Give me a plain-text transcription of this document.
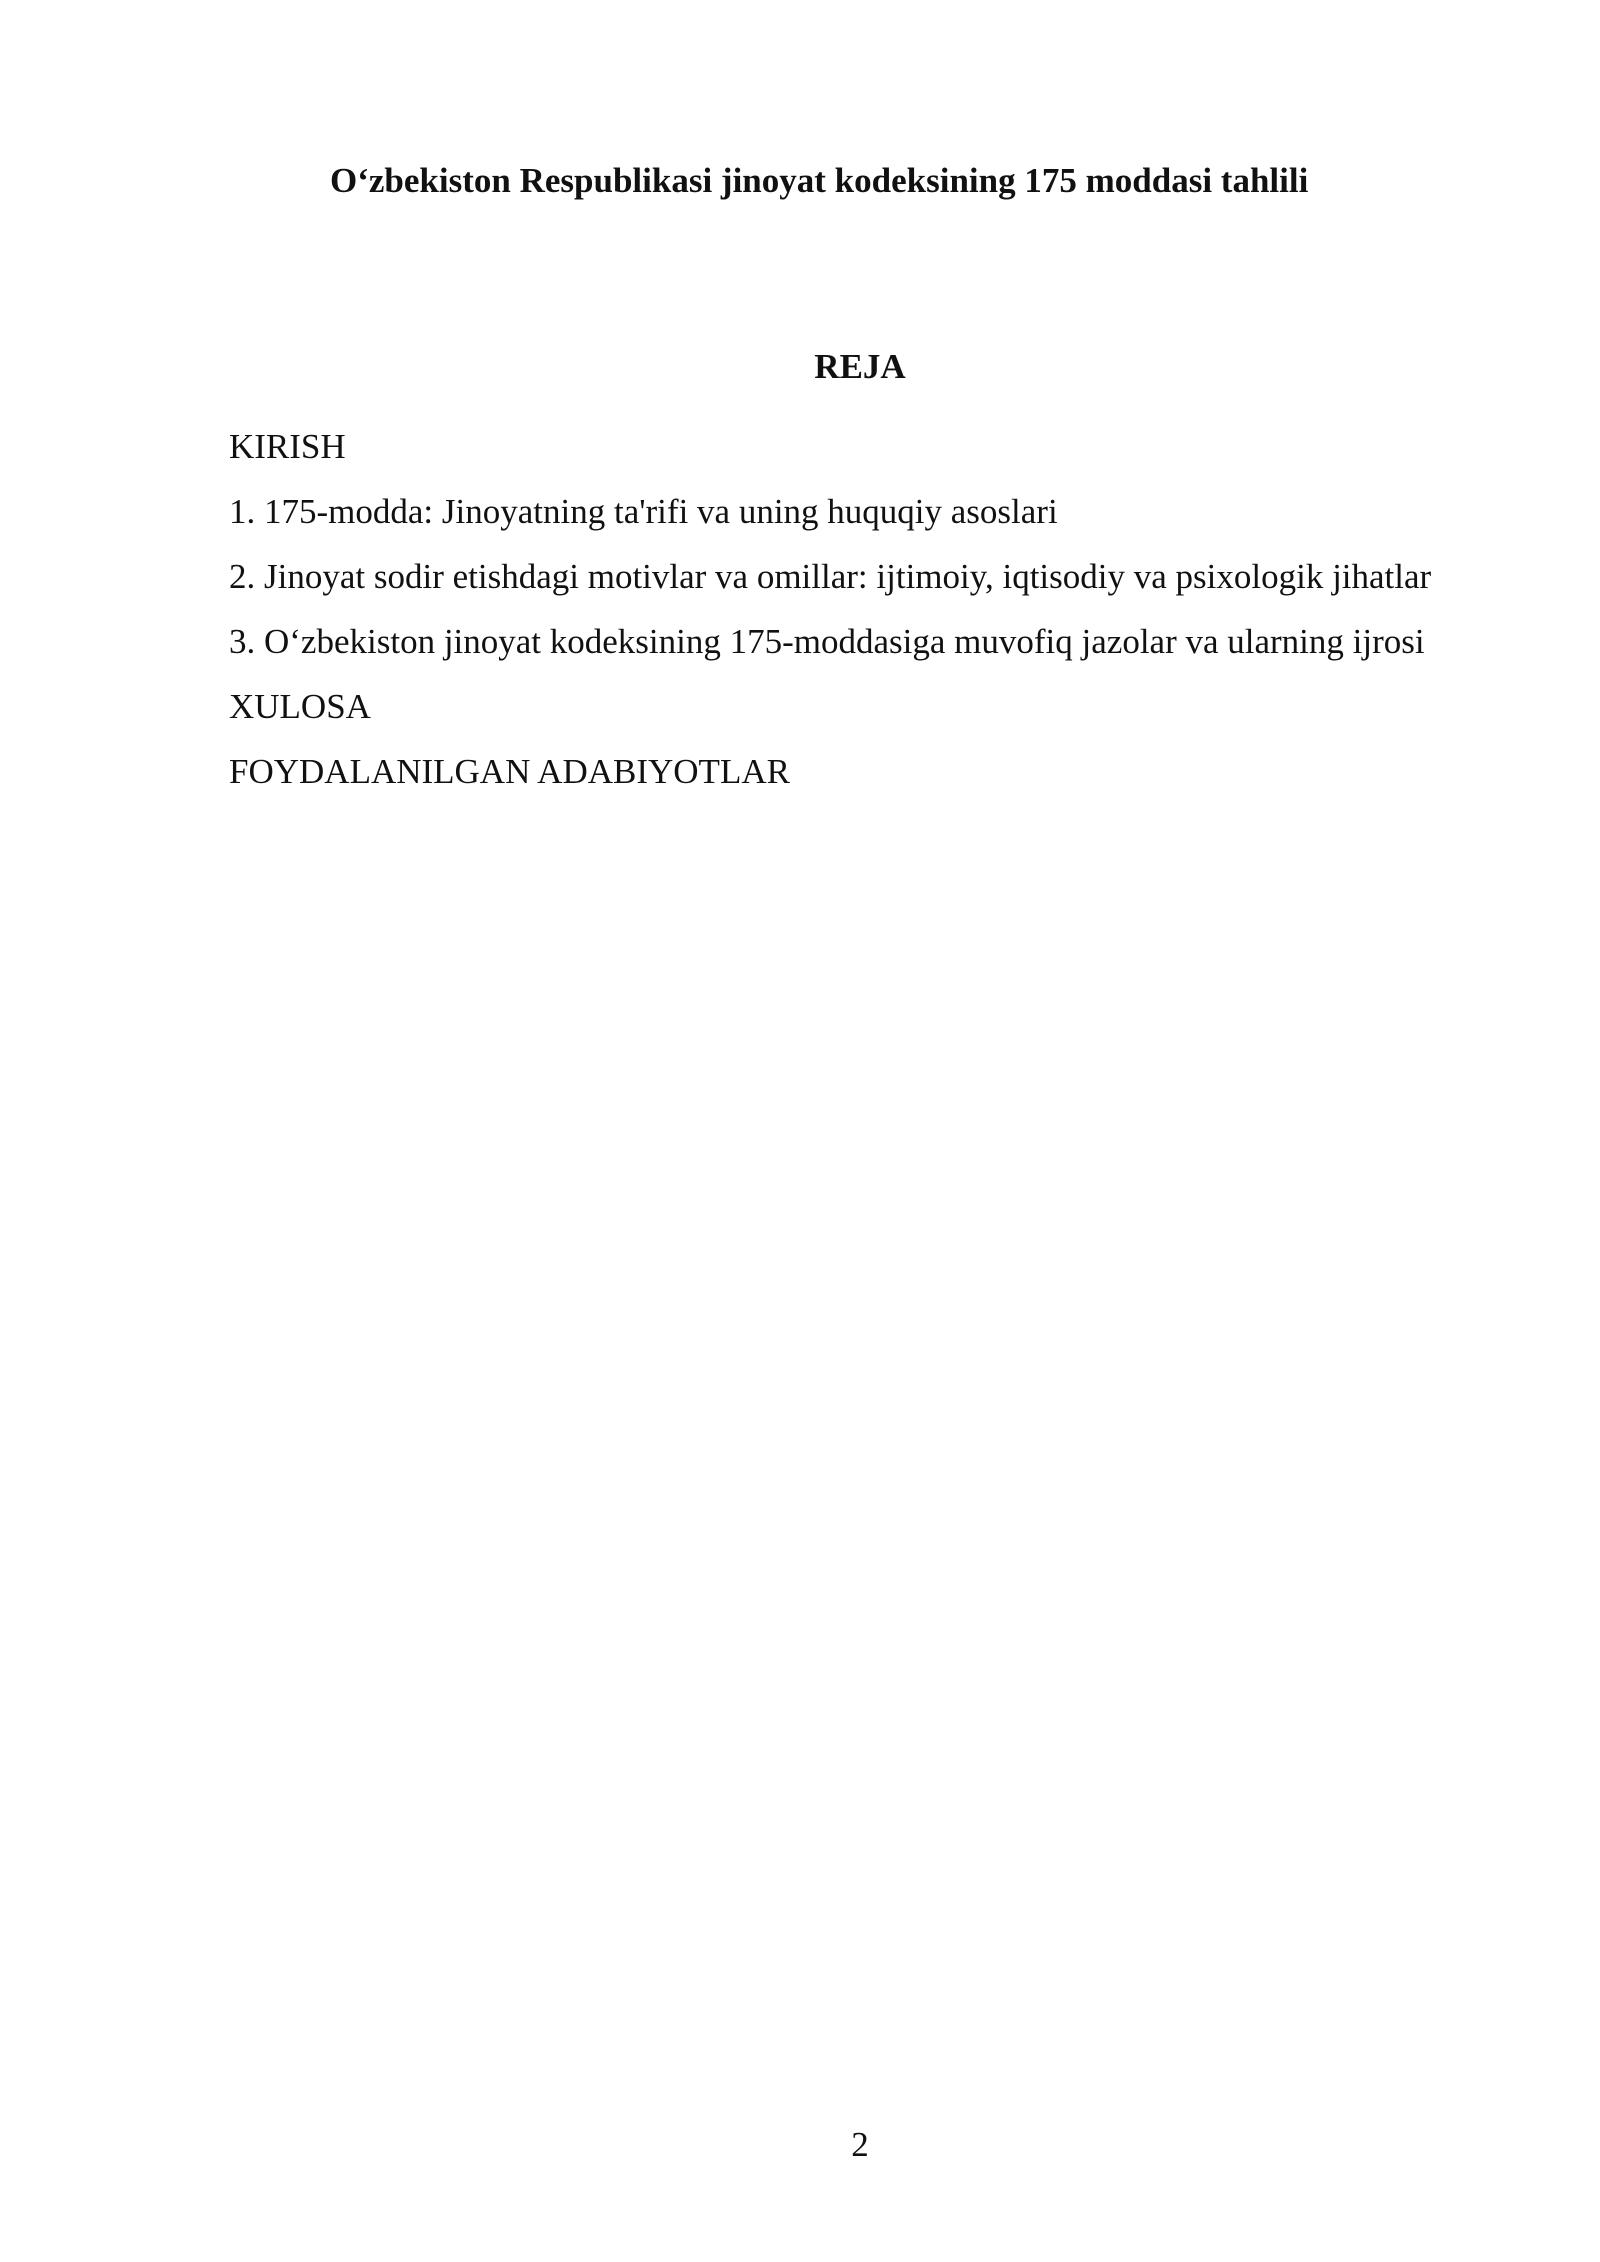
O‘zbekiston Respublikasi jinoyat kodeksining 175 moddasi tahlili
REJA
KIRISH
1. 175-modda: Jinoyatning ta'rifi va uning huquqiy asoslari
2. Jinoyat sodir etishdagi motivlar va omillar: ijtimoiy, iqtisodiy va psixologik jihatlar
3. O‘zbekiston jinoyat kodeksining 175-moddasiga muvofiq jazolar va ularning ijrosi
XULOSA
FOYDALANILGAN ADABIYOTLAR
2
